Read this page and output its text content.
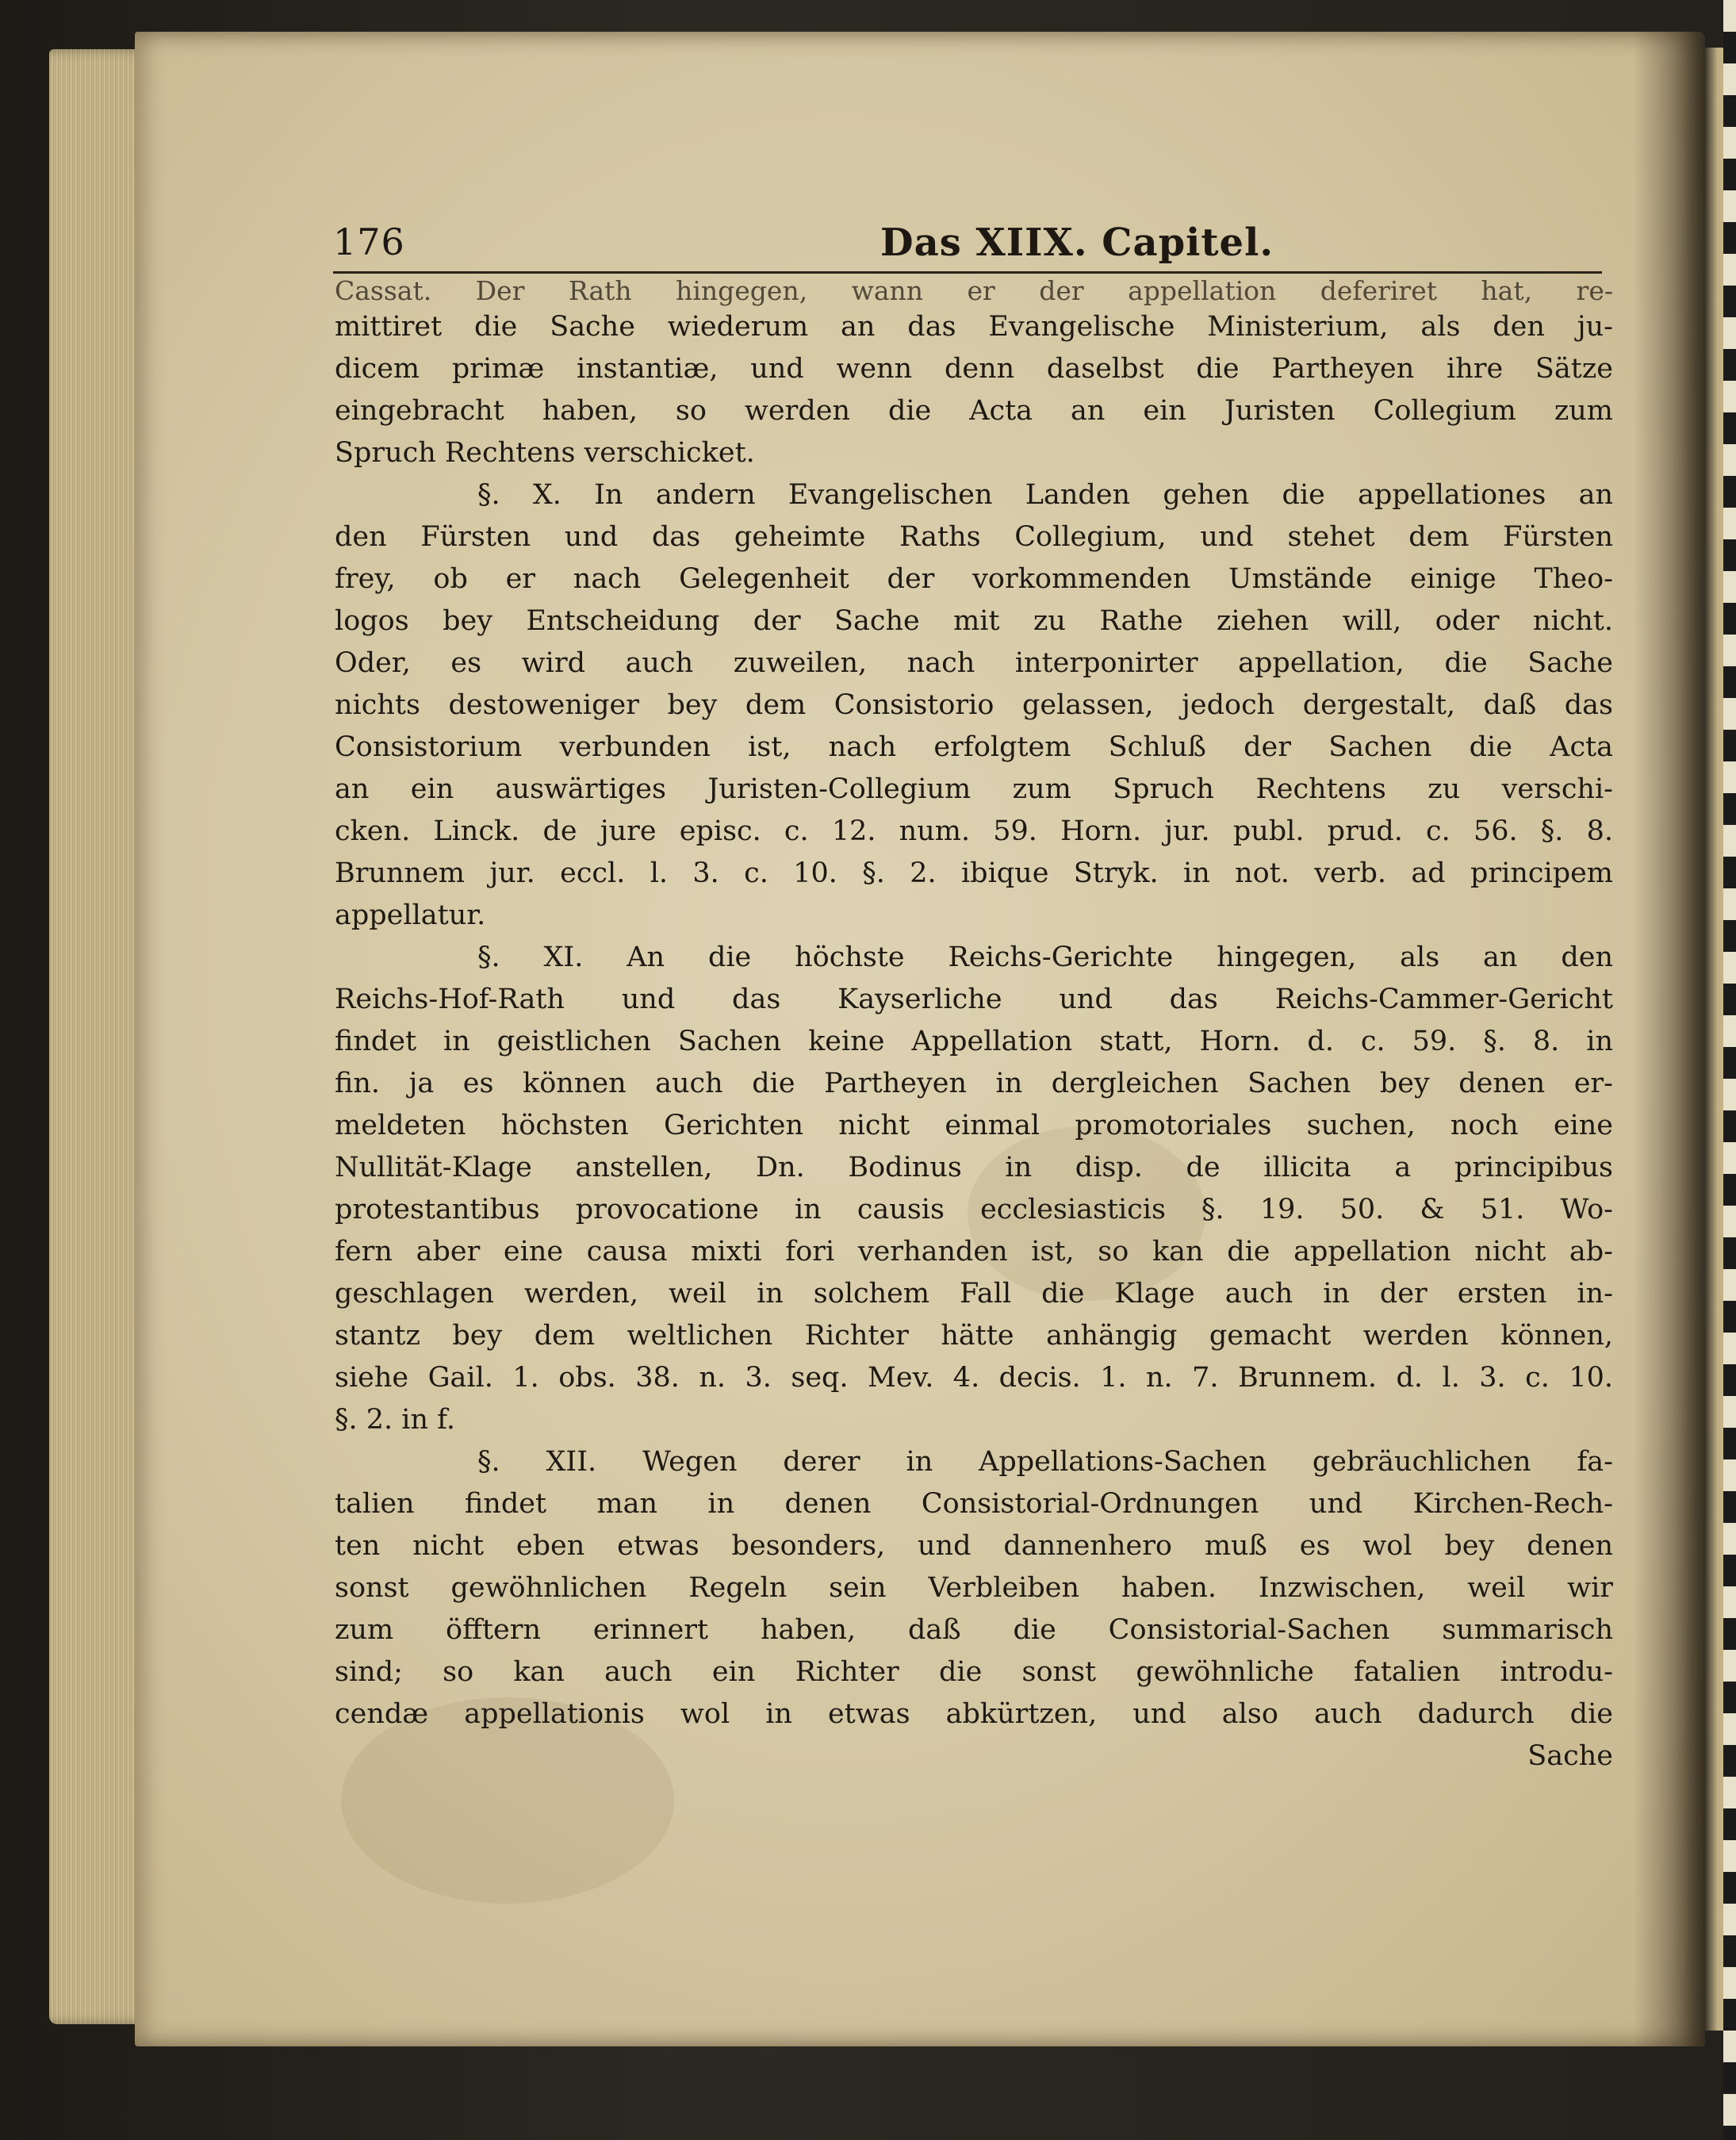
176	Das XIIX. Capitel.
Cassat. Der Rath hingegen, wann er der appellation deferiret hat, re-
mittiret die Sache wiederum an das Evangelische Ministerium, als den ju-
dicem primæ instantiæ, und wenn denn daselbst die Partheyen ihre Sätze
eingebracht haben, so werden die Acta an ein Juristen Collegium zum
Spruch Rechtens verschicket.
§. X. In andern Evangelischen Landen gehen die appellationes an
den Fürsten und das geheimte Raths Collegium, und stehet dem Fürsten
frey, ob er nach Gelegenheit der vorkommenden Umstände einige Theo-
logos bey Entscheidung der Sache mit zu Rathe ziehen will, oder nicht.
Oder, es wird auch zuweilen, nach interponirter appellation, die Sache
nichts destoweniger bey dem Consistorio gelassen, jedoch dergestalt, daß das
Consistorium verbunden ist, nach erfolgtem Schluß der Sachen die Acta
an ein auswärtiges Juristen-Collegium zum Spruch Rechtens zu verschi-
cken. Linck. de jure episc. c. 12. num. 59. Horn. jur. publ. prud. c. 56. §. 8.
Brunnem jur. eccl. l. 3. c. 10. §. 2. ibique Stryk. in not. verb. ad principem
appellatur.
§. XI. An die höchste Reichs-Gerichte hingegen, als an den
Reichs-Hof-Rath und das Kayserliche und das Reichs-Cammer-Gericht
findet in geistlichen Sachen keine Appellation statt, Horn. d. c. 59. §. 8. in
fin. ja es können auch die Partheyen in dergleichen Sachen bey denen er-
meldeten höchsten Gerichten nicht einmal promotoriales suchen, noch eine
Nullität-Klage anstellen, Dn. Bodinus in disp. de illicita a principibus
protestantibus provocatione in causis ecclesiasticis §. 19. 50. & 51. Wo-
fern aber eine causa mixti fori verhanden ist, so kan die appellation nicht ab-
geschlagen werden, weil in solchem Fall die Klage auch in der ersten in-
stantz bey dem weltlichen Richter hätte anhängig gemacht werden können,
siehe Gail. 1. obs. 38. n. 3. seq. Mev. 4. decis. 1. n. 7. Brunnem. d. l. 3. c. 10.
§. 2. in f.
§. XII. Wegen derer in Appellations-Sachen gebräuchlichen fa-
talien findet man in denen Consistorial-Ordnungen und Kirchen-Rech-
ten nicht eben etwas besonders, und dannenhero muß es wol bey denen
sonst gewöhnlichen Regeln sein Verbleiben haben. Inzwischen, weil wir
zum öfftern erinnert haben, daß die Consistorial-Sachen summarisch
sind; so kan auch ein Richter die sonst gewöhnliche fatalien introdu-
cendæ appellationis wol in etwas abkürtzen, und also auch dadurch die
Sache
